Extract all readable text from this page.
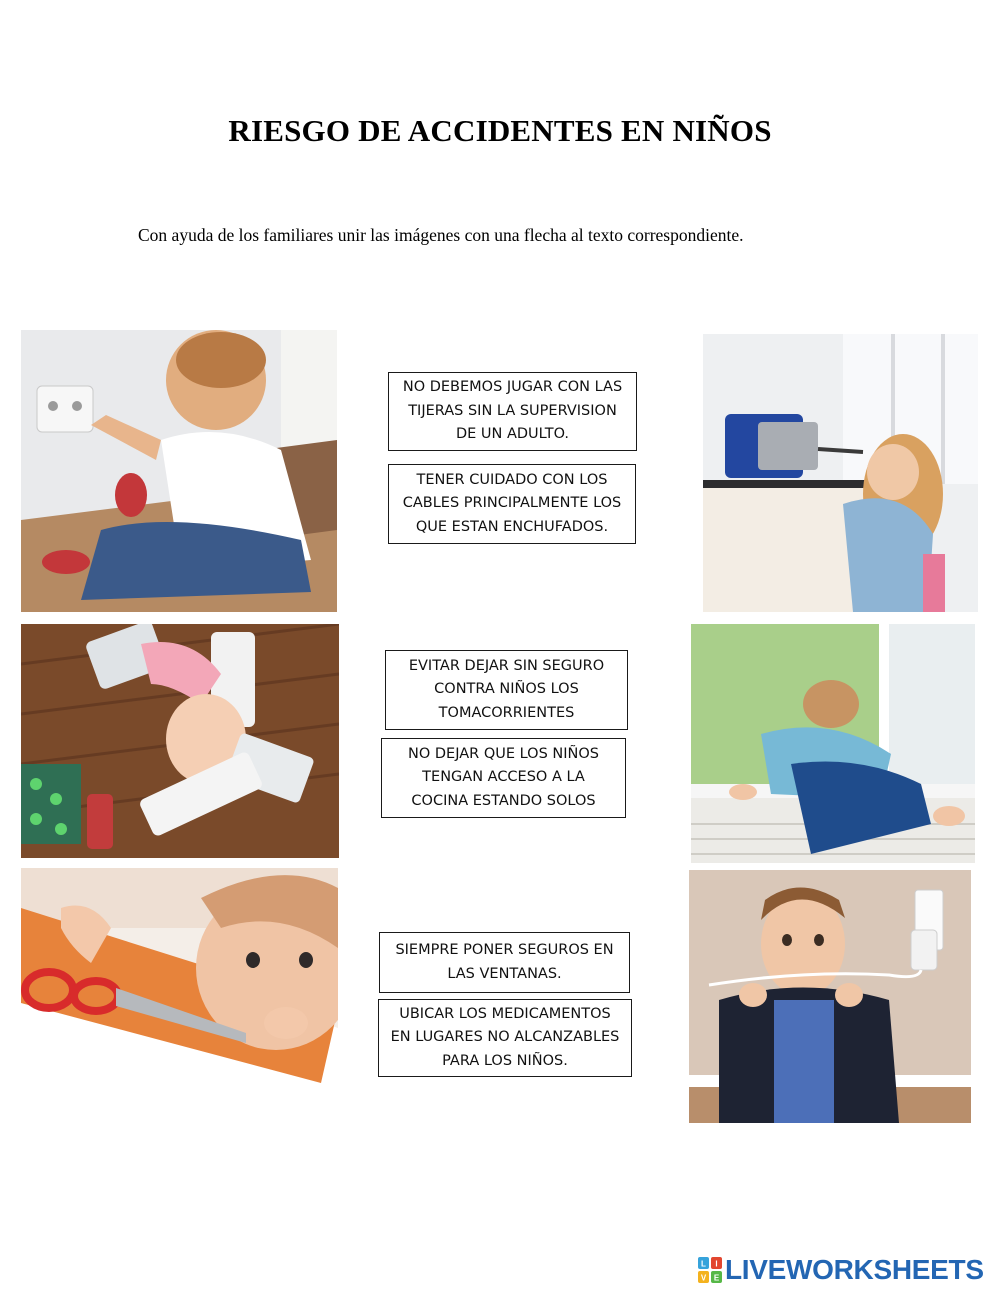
RIESGO DE ACCIDENTES EN NIÑOS
Con ayuda de los familiares unir las imágenes con una flecha al texto correspondiente.
NO DEBEMOS JUGAR CON LAS
TIJERAS SIN LA SUPERVISION
DE UN ADULTO.
TENER CUIDADO CON LOS
CABLES PRINCIPALMENTE LOS
QUE ESTAN ENCHUFADOS.
EVITAR DEJAR SIN SEGURO
CONTRA NIÑOS LOS
TOMACORRIENTES
NO DEJAR QUE LOS NIÑOS
TENGAN ACCESO A LA
COCINA ESTANDO SOLOS
SIEMPRE PONER SEGUROS EN
LAS VENTANAS.
UBICAR LOS MEDICAMENTOS
EN LUGARES NO ALCANZABLES
PARA LOS NIÑOS.
L I
V E LIVEWORKSHEETS
